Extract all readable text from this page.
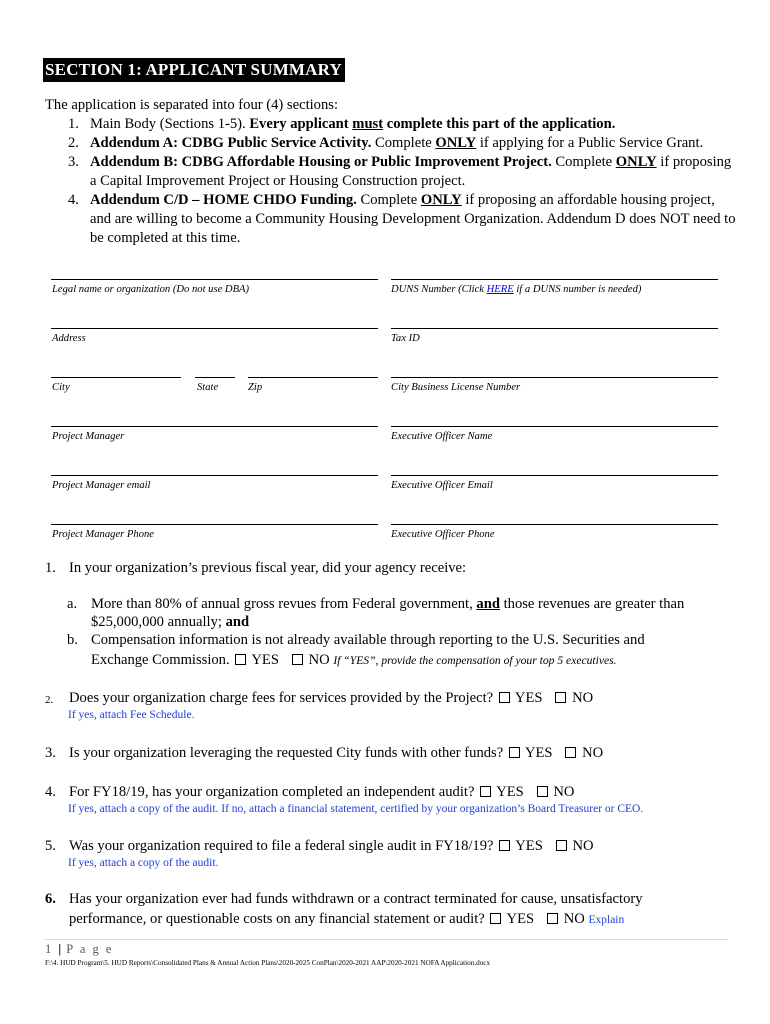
SECTION 1: APPLICANT SUMMARY
The application is separated into four (4) sections:
1. Main Body (Sections 1-5). Every applicant must complete this part of the application.
2. Addendum A: CDBG Public Service Activity. Complete ONLY if applying for a Public Service Grant.
3. Addendum B: CDBG Affordable Housing or Public Improvement Project. Complete ONLY if proposing a Capital Improvement Project or Housing Construction project.
4. Addendum C/D – HOME CHDO Funding. Complete ONLY if proposing an affordable housing project, and are willing to become a Community Housing Development Organization. Addendum D does NOT need to be completed at this time.
Legal name or organization (Do not use DBA)	DUNS Number (Click HERE if a DUNS number is needed)
Address	Tax ID
City	State	Zip	City Business License Number
Project Manager	Executive Officer Name
Project Manager email	Executive Officer Email
Project Manager Phone	Executive Officer Phone
1. In your organization’s previous fiscal year, did your agency receive:
a. More than 80% of annual gross revues from Federal government, and those revenues are greater than
$25,000,000 annually; and
b. Compensation information is not already available through reporting to the U.S. Securities and
Exchange Commission.  YES NO If “YES”, provide the compensation of your top 5 executives.
2. Does your organization charge fees for services provided by the Project?  YES NO
If yes, attach Fee Schedule.
3. Is your organization leveraging the requested City funds with other funds?  YES NO
4. For FY18/19, has your organization completed an independent audit?  YES NO
If yes, attach a copy of the audit. If no, attach a financial statement, certified by your organization’s Board Treasurer or CEO.
5. Was your organization required to file a federal single audit in FY18/19?  YES NO
If yes, attach a copy of the audit.
6. Has your organization ever had funds withdrawn or a contract terminated for cause, unsatisfactory
performance, or questionable costs on any financial statement or audit?  YES NO Explain
1 | P a g e
F:\4. HUD Program\5. HUD Reports\Consolidated Plans & Annual Action Plans\2020-2025 ConPlan\2020-2021 AAP\2020-2021 NOFA Application.docx
